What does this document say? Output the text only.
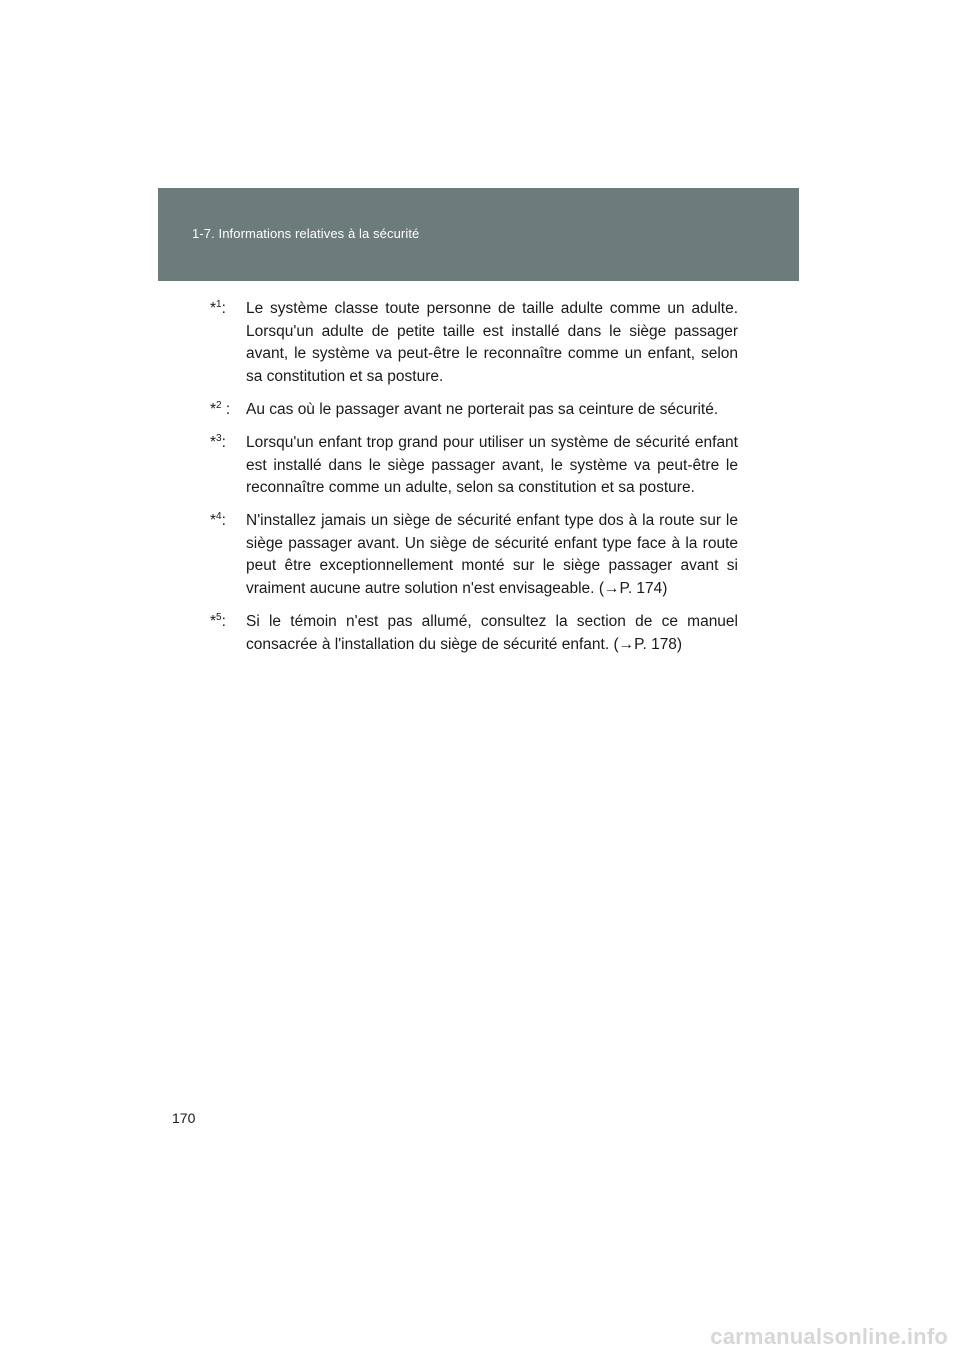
1-7. Informations relatives à la sécurité
*$^1$:	Le système classe toute personne de taille adulte comme un adulte. Lorsqu'un adulte de petite taille est installé dans le siège passager avant, le système va peut-être le reconnaître comme un enfant, selon sa constitution et sa posture.
*$^2$ :	Au cas où le passager avant ne porterait pas sa ceinture de sécurité.
*$^3$:	Lorsqu'un enfant trop grand pour utiliser un système de sécurité enfant est installé dans le siège passager avant, le système va peut-être le reconnaître comme un adulte, selon sa constitution et sa posture.
*$^4$:	N'installez jamais un siège de sécurité enfant type dos à la route sur le siège passager avant. Un siège de sécurité enfant type face à la route peut être exceptionnellement monté sur le siège passager avant si vraiment aucune autre solution n'est envisageable. (→P. 174)
*$^5$:	Si le témoin n'est pas allumé, consultez la section de ce manuel consacrée à l'installation du siège de sécurité enfant. (→P. 178)
170
carmanualsonline.info
